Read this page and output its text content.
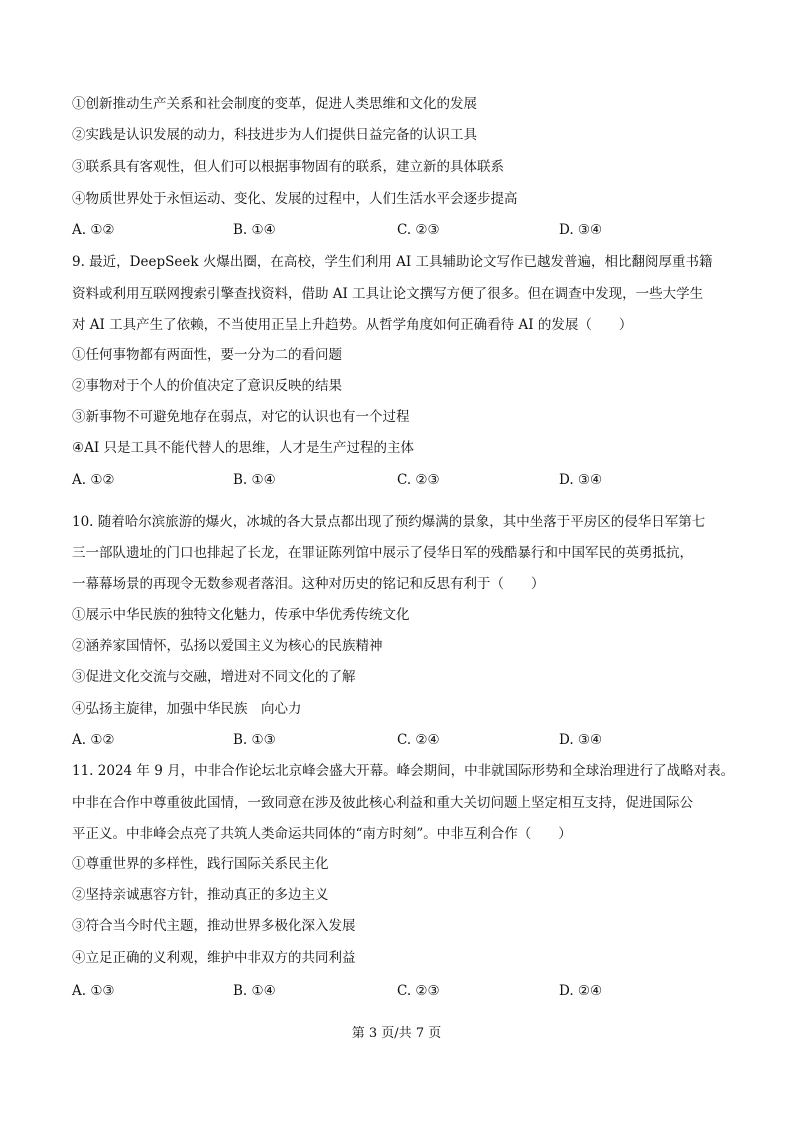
①创新推动生产关系和社会制度的变革，促进人类思维和文化的发展
②实践是认识发展的动力，科技进步为人们提供日益完备的认识工具
③联系具有客观性，但人们可以根据事物固有的联系，建立新的具体联系
④物质世界处于永恒运动、变化、发展的过程中，人们生活水平会逐步提高
A. ①②	B. ①④	C. ②③	D. ③④
9. 最近，DeepSeek 火爆出圈，在高校，学生们利用 AI 工具辅助论文写作已越发普遍，相比翻阅厚重书籍
资料或利用互联网搜索引擎查找资料，借助 AI 工具让论文撰写方便了很多。但在调查中发现，一些大学生
对 AI 工具产生了依赖，不当使用正呈上升趋势。从哲学角度如何正确看待 AI 的发展（　　）
①任何事物都有两面性，要一分为二的看问题
②事物对于个人的价值决定了意识反映的结果
③新事物不可避免地存在弱点，对它的认识也有一个过程
④AI 只是工具不能代替人的思维，人才是生产过程的主体
A. ①②	B. ①④	C. ②③	D. ③④
10. 随着哈尔滨旅游的爆火，冰城的各大景点都出现了预约爆满的景象，其中坐落于平房区的侵华日军第七
三一部队遗址的门口也排起了长龙，在罪证陈列馆中展示了侵华日军的残酷暴行和中国军民的英勇抵抗，
一幕幕场景的再现令无数参观者落泪。这种对历史的铭记和反思有利于（　　）
①展示中华民族的独特文化魅力，传承中华优秀传统文化
②涵养家国情怀，弘扬以爱国主义为核心的民族精神
③促进文化交流与交融，增进对不同文化的了解
④弘扬主旋律，加强中华民族　向心力
A. ①②	B. ①③	C. ②④	D. ③④
11. 2024 年 9 月，中非合作论坛北京峰会盛大开幕。峰会期间，中非就国际形势和全球治理进行了战略对表。
中非在合作中尊重彼此国情，一致同意在涉及彼此核心利益和重大关切问题上坚定相互支持，促进国际公
平正义。中非峰会点亮了共筑人类命运共同体的“南方时刻”。中非互利合作（　　）
①尊重世界的多样性，践行国际关系民主化
②坚持亲诚惠容方针，推动真正的多边主义
③符合当今时代主题，推动世界多极化深入发展
④立足正确的义利观，维护中非双方的共同利益
A. ①③	B. ①④	C. ②③	D. ②④
第 3 页/共 7 页
